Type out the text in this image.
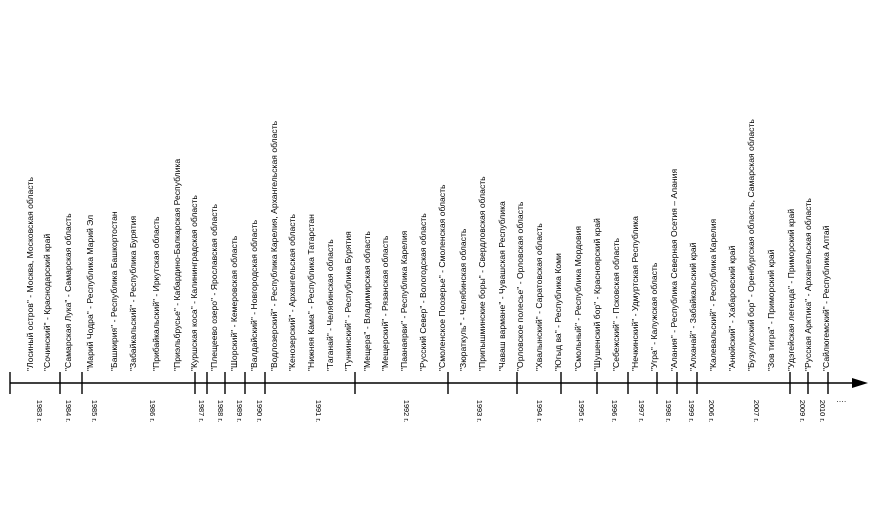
"Лосиный остров" - Москва, Московская область "Сочинский" - Краснодарский край "Самарская Лука" - Самарская область "Марий Чодра" - Республика Марий Эл "Башкирия" - Республика Башкортостан "Забайкальский" - Республика Бурятия "Прибайкальский" - Иркутская область "Приэльбрусье" - Кабардино-Балкарская Республика "Куршская коса" - Калининградская область "Плещеево озеро" - Ярославская область "Шорский" - Кемеровская область "Валдайский" - Новгородская область "Водлозерский" - Республика Карелия, Архангельская область "Кенозерский" - Архангельская область "Нижняя Кама" - Республика Татарстан "Таганай" - Челябинская область "Тункинский" - Республика Бурятия "Мещера" - Владимирская область "Мещерский" - Рязанская область "Паанаярви" - Республика Карелия "Русский Север" - Вологодская область "Смоленское Поозерье" - Смоленская область "Зюраткуль" - Челябинская область "Припышминские боры" - Свердловская область "Чаваш вармане" - Чувашская Республика "Орловское полесье" - Орловская область "Хвалынский" - Саратовская область "Югыд ва" - Республика Коми "Смольный" - Республика Мордовия "Шушенский бор" - Красноярский край "Себежский" - Псковская область "Нечкинский" - Удмуртская Республика "Угра" - Калужская область "Алания" - Республика Северная Осетия – Алания "Алханай" - Забайкальский край "Калевальский" - Республика Карелия "Анюйский" - Хабаровский край "Бузулукский бор" - Оренбургская область, Самарская область "Зов тигра" - Приморский край "Удэгейская легенда" - Приморский край "Русская Арктика" - Архангельская область "Сайлюгемский" - Республика Алтай
1983 г.	1984 г. 1985 г.	1986 г.	1987 г. 1988 г. 1989 г. 1990 г.	1991 г.	1992 г.	1993 г.	1994 г.	1995 г.	1996 г. 1997 г. 1998 г. 1999 г. 2006 г.	2007 г.	2009 г. 2010 г.
….
